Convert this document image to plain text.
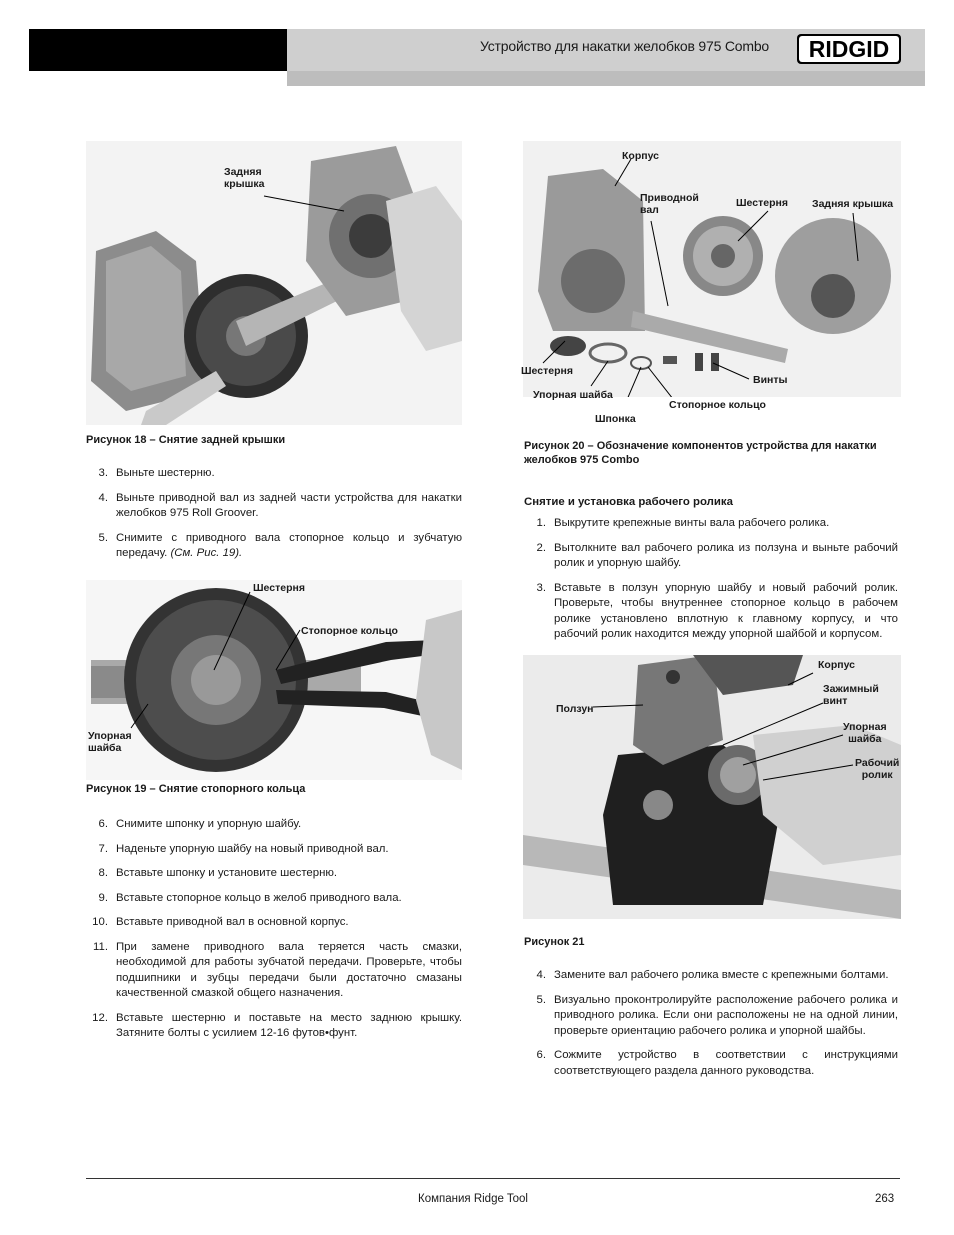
Устройство для накатки желобков 975 Combo RIDGID
Задняя
крышка
Рисунок 18 – Снятие задней крышки
3. Выньте шестерню.
4. Выньте приводной вал из задней части устройства для накатки желобков 975 Roll Groover.
5. Снимите с приводного вала стопорное кольцо и зубчатую передачу. (См. Рис. 19).
Шестерня
Стопорное кольцо
Упорная
шайба
Рисунок 19 – Снятие стопорного кольца
6. Снимите шпонку и упорную шайбу.
7. Наденьте упорную шайбу на новый приводной вал.
8. Вставьте шпонку и установите шестерню.
9. Вставьте стопорное кольцо в желоб приводного вала.
10. Вставьте приводной вал в основной корпус.
11. При замене приводного вала теряется часть смазки, необходимой для работы зубчатой передачи. Проверьте, чтобы подшипники и зубцы передачи были достаточно смазаны качественной смазкой общего назначения.
12. Вставьте шестерню и поставьте на место заднюю крышку. Затяните болты с усилием 12-16 футов•фунт.
Корпус
Приводной
вал
Шестерня Задняя крышка
Шестерня
Упорная шайба
Шпонка
Стопорное кольцо
Винты
Рисунок 20 – Обозначение компонентов устройства для накатки желобков 975 Combo
Снятие и установка рабочего ролика
1. Выкрутите крепежные винты вала рабочего ролика.
2. Вытолкните вал рабочего ролика из ползуна и выньте рабочий ролик и упорную шайбу.
3. Вставьте в ползун упорную шайбу и новый рабочий ролик. Проверьте, чтобы внутреннее стопорное кольцо в рабочем ролике установлено вплотную к главному корпусу, и что рабочий ролик находится между упорной шайбой и корпусом.
Ползун
Корпус
Зажимный
винт
Упорная
шайба
Рабочий
ролик
Рисунок 21
4. Замените вал рабочего ролика вместе с крепежными болтами.
5. Визуально проконтролируйте расположение рабочего ролика и приводного ролика. Если они расположены не на одной линии, проверьте ориентацию рабочего ролика и упорной шайбы.
6. Сожмите устройство в соответствии с инструкциями соответствующего раздела данного руководства.
Компания Ridge Tool	263
